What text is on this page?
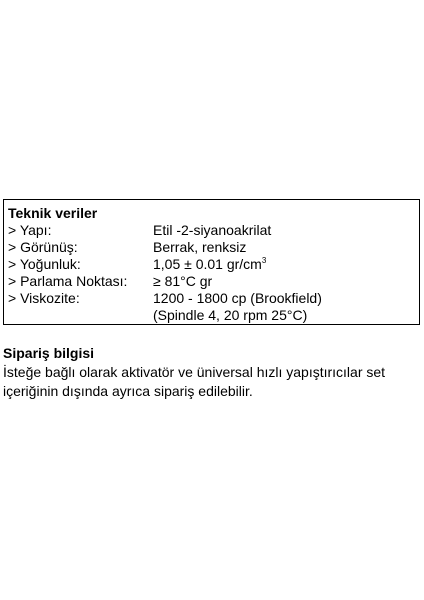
Teknik veriler
> Yapı:	Etil -2-siyanoakrilat
> Görünüş:	Berrak, renksiz
> Yoğunluk:	1,05 ± 0.01 $gr/cm^3$
> Parlama Noktası: ≥ 81°C gr
> Viskozite:	1200 - 1800 cp (Brookfield)
(Spindle 4, 20 rpm 25°C)

Sipariş bilgisi

İsteğe bağlı olarak aktivatör ve üniversal hızlı yapıştırıcılar set içeriğinin dışında ayrıca sipariş edilebilir.
